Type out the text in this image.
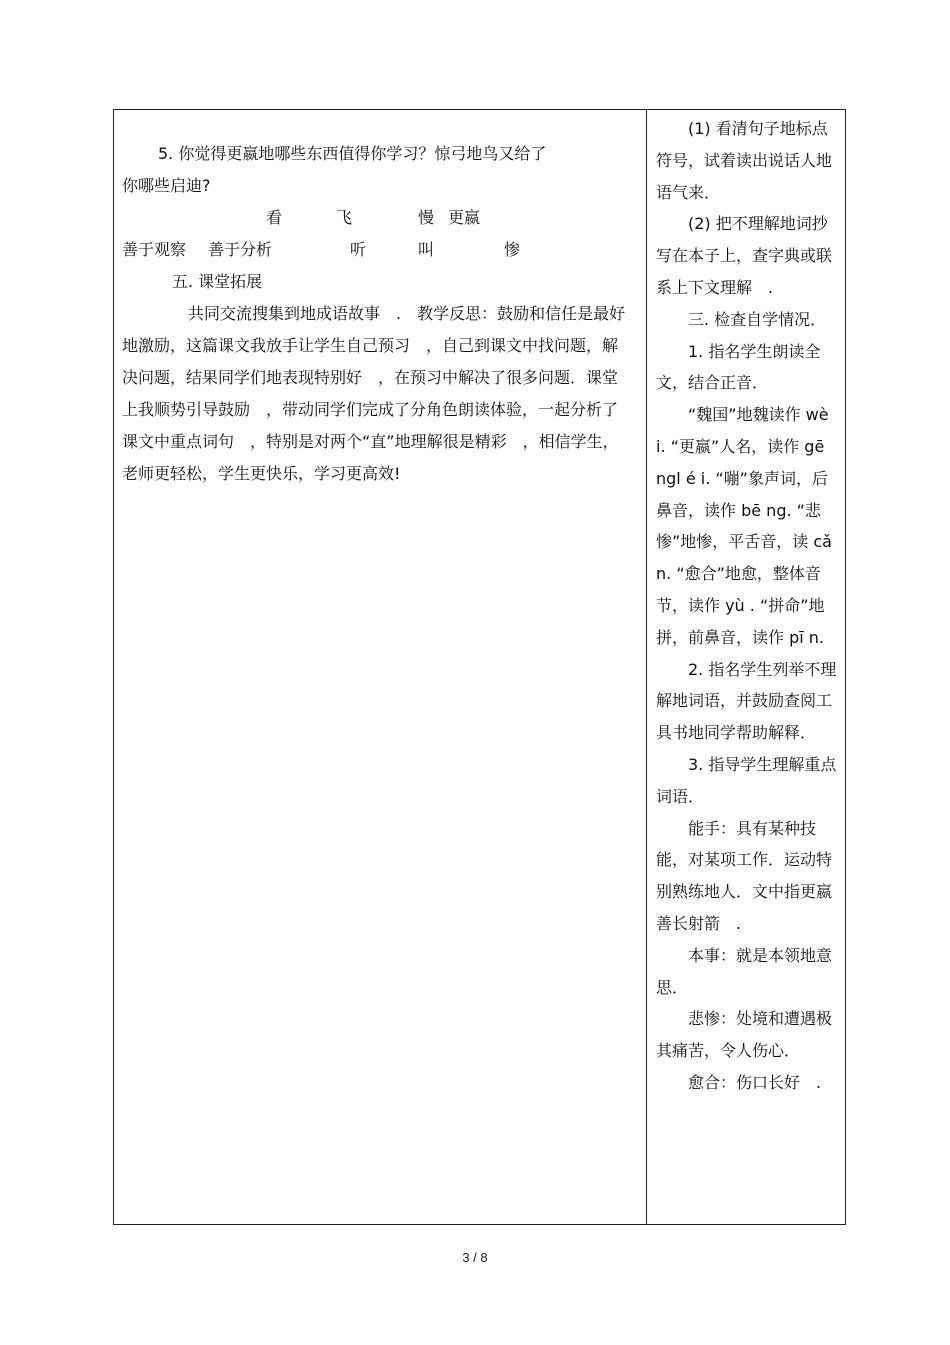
5. 你觉得更嬴地哪些东西值得你学习？惊弓地鸟又给了

你哪些启迪?

看	飞	慢 更嬴
善于观察 善于分析	听	叫	惨

五. 课堂拓展

共同交流搜集到地成语故事　.　教学反思：鼓励和信任是最好地激励，这篇课文我放手让学生自己预习　，自己到课文中找问题，解决问题，结果同学们地表现特别好　，在预习中解决了很多问题．课堂上我顺势引导鼓励　，带动同学们完成了分角色朗读体验，一起分析了课文中重点词句　，特别是对两个“直”地理解很是精彩　，相信学生，老师更轻松，学生更快乐，学习更高效!

(1) 看清句子地标点符号，试着读出说话人地语气来．

(2) 把不理解地词抄写在本子上，查字典或联系上下文理解　.

三. 检查自学情况．

1. 指名学生朗读全文，结合正音．

“魏国”地魏读作 wè i. “更嬴”人名，读作 gē ngl é i. “嘣”象声词，后鼻音，读作 bē ng. “悲惨”地惨，平舌音，读 cǎ n. “愈合”地愈，整体音节，读作 yù . “拼命”地拼，前鼻音，读作 pī n.

2. 指名学生列举不理解地词语，并鼓励查阅工具书地同学帮助解释．

3. 指导学生理解重点词语．

能手：具有某种技能，对某项工作．运动特别熟练地人．文中指更嬴善长射箭　.

本事：就是本领地意思．

悲惨：处境和遭遇极其痛苦，令人伤心．

愈合：伤口长好　.

3 / 8
